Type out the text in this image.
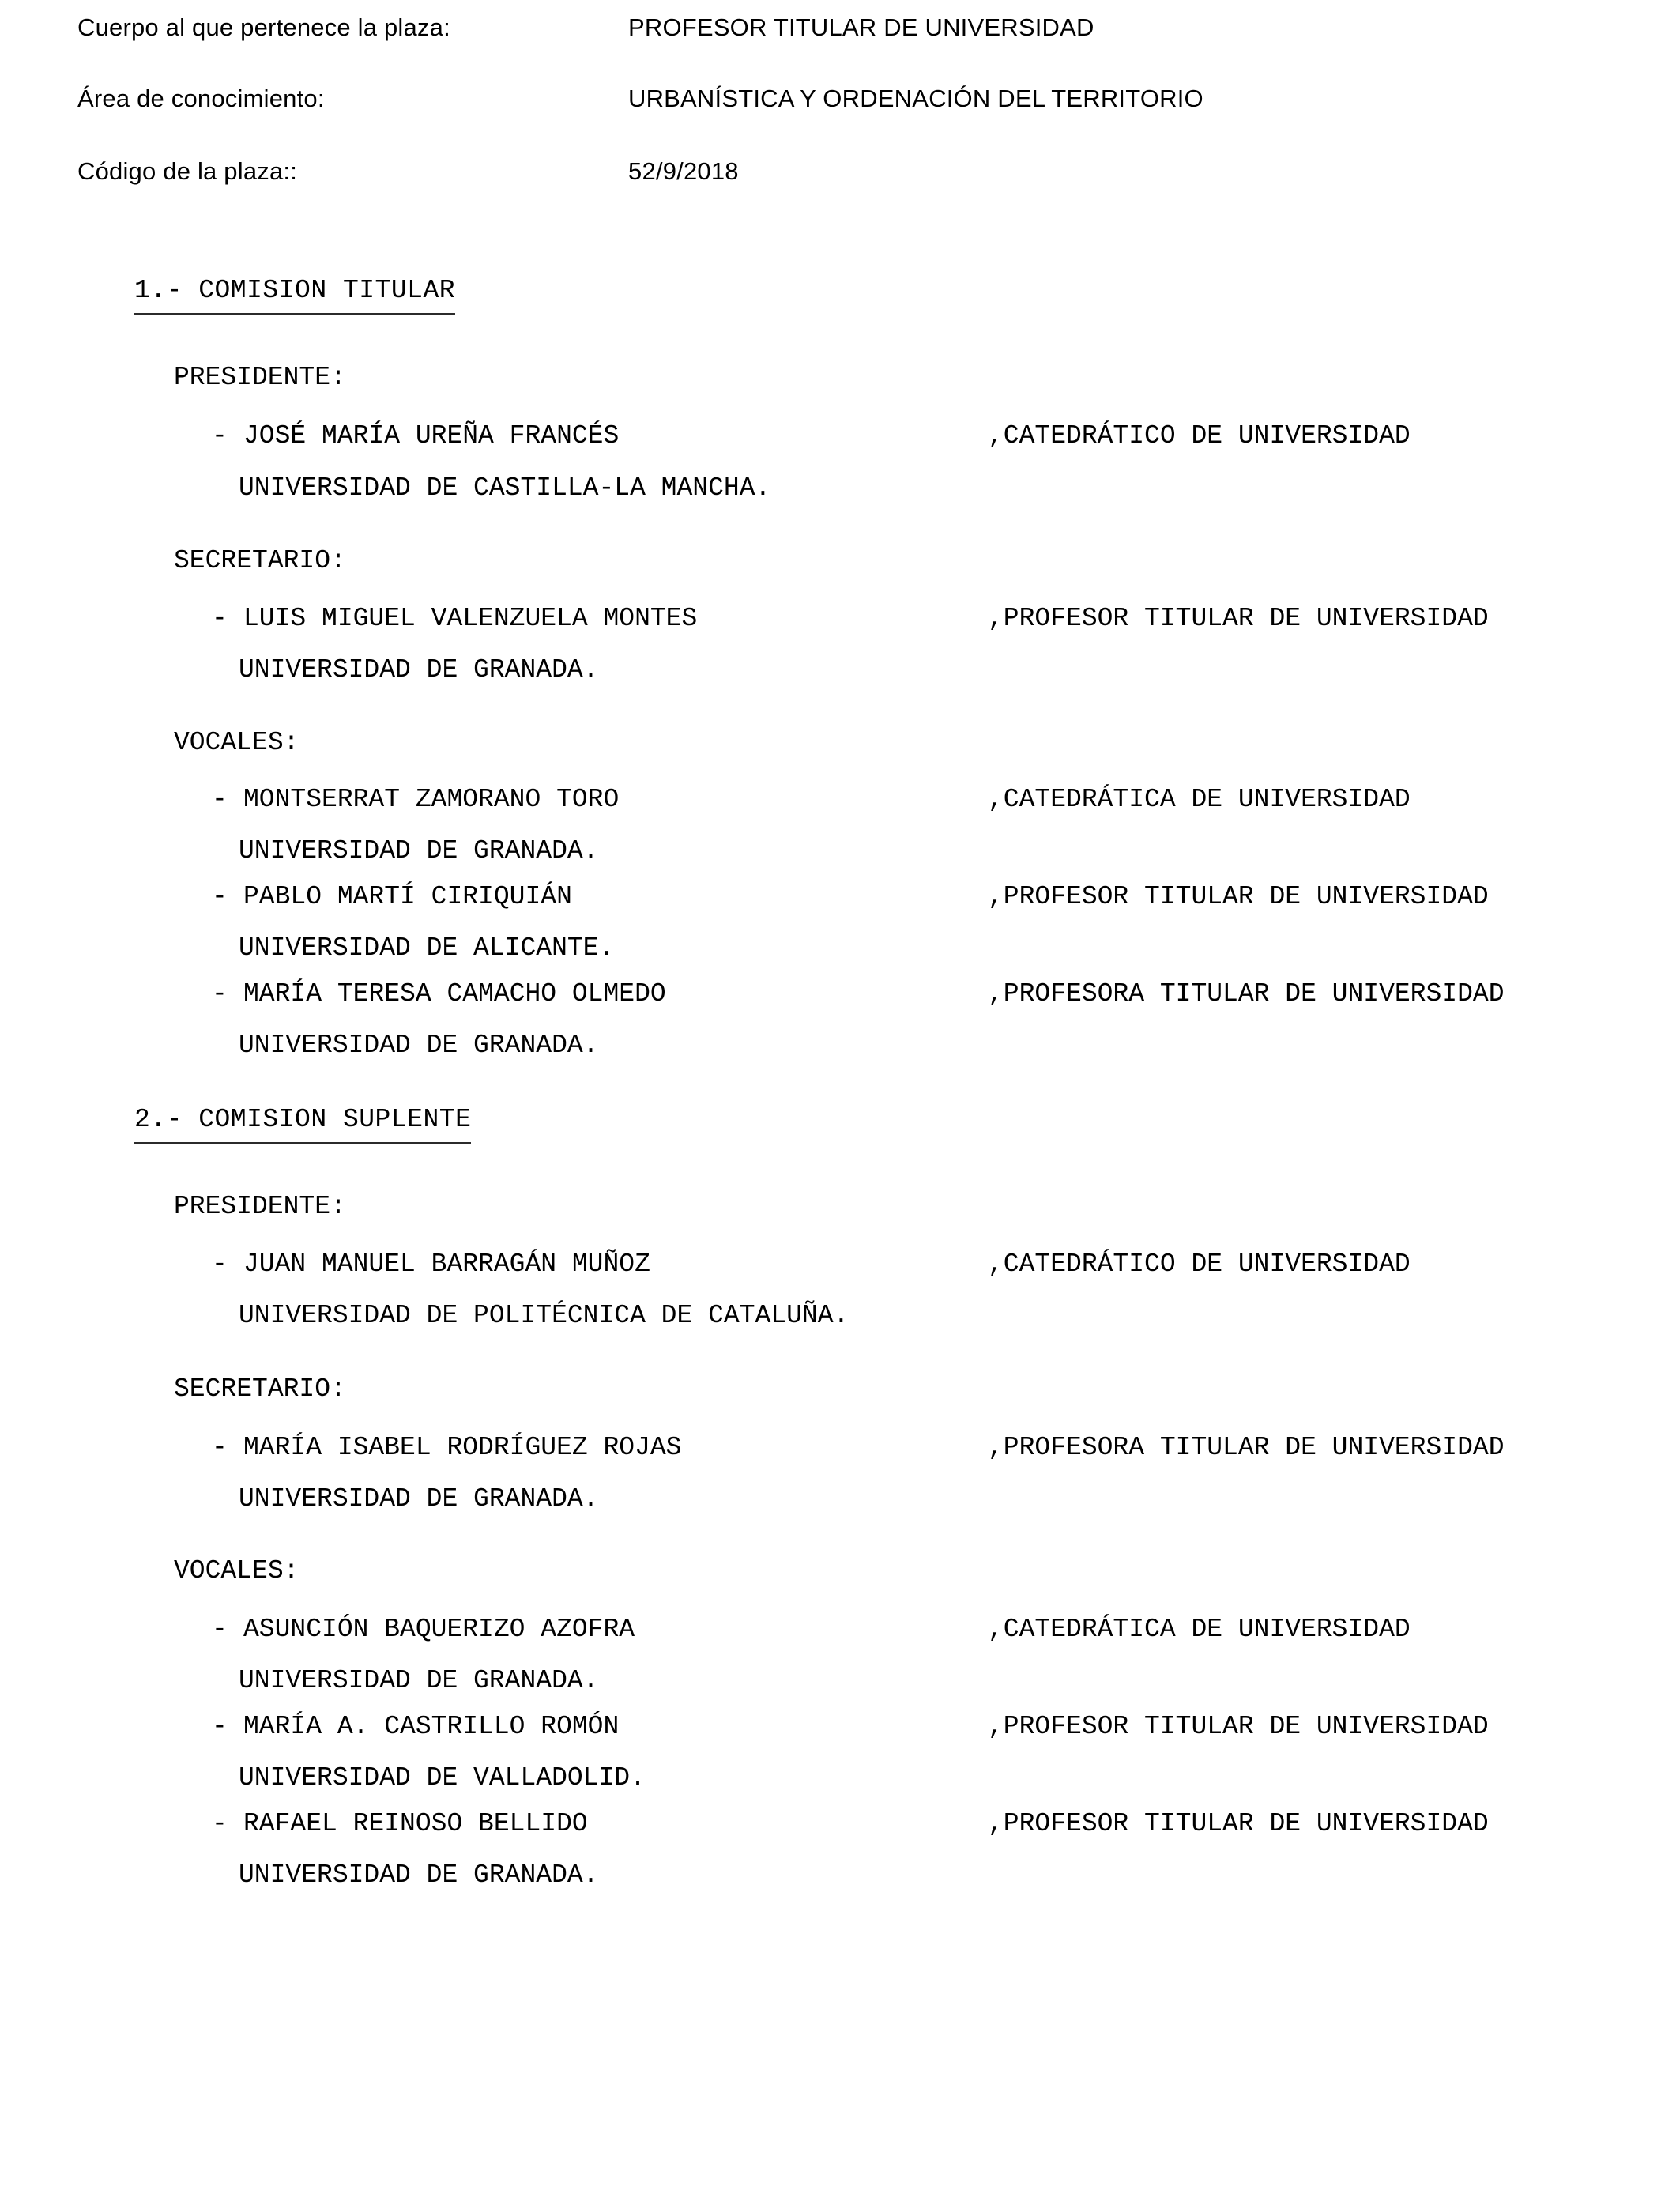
Cuerpo al que pertenece la plaza:	PROFESOR TITULAR DE UNIVERSIDAD
Área de conocimiento:	URBANÍSTICA Y ORDENACIÓN DEL TERRITORIO
Código de la plaza::	52/9/2018
1.- COMISION TITULAR
PRESIDENTE:
- JOSÉ MARÍA UREÑA FRANCÉS	,CATEDRÁTICO DE UNIVERSIDAD
UNIVERSIDAD DE CASTILLA-LA MANCHA.
SECRETARIO:
- LUIS MIGUEL VALENZUELA MONTES	,PROFESOR TITULAR DE UNIVERSIDAD
UNIVERSIDAD DE GRANADA.
VOCALES:
- MONTSERRAT ZAMORANO TORO	,CATEDRÁTICA DE UNIVERSIDAD
UNIVERSIDAD DE GRANADA.
- PABLO MARTÍ CIRIQUIÁN	,PROFESOR TITULAR DE UNIVERSIDAD
UNIVERSIDAD DE ALICANTE.
- MARÍA TERESA CAMACHO OLMEDO	,PROFESORA TITULAR DE UNIVERSIDAD
UNIVERSIDAD DE GRANADA.
2.- COMISION SUPLENTE
PRESIDENTE:
- JUAN MANUEL BARRAGÁN MUÑOZ	,CATEDRÁTICO DE UNIVERSIDAD
UNIVERSIDAD DE POLITÉCNICA DE CATALUÑA.
SECRETARIO:
- MARÍA ISABEL RODRÍGUEZ ROJAS	,PROFESORA TITULAR DE UNIVERSIDAD
UNIVERSIDAD DE GRANADA.
VOCALES:
- ASUNCIÓN BAQUERIZO AZOFRA	,CATEDRÁTICA DE UNIVERSIDAD
UNIVERSIDAD DE GRANADA.
- MARÍA A. CASTRILLO ROMÓN	,PROFESOR TITULAR DE UNIVERSIDAD
UNIVERSIDAD DE VALLADOLID.
- RAFAEL REINOSO BELLIDO	,PROFESOR TITULAR DE UNIVERSIDAD
UNIVERSIDAD DE GRANADA.
